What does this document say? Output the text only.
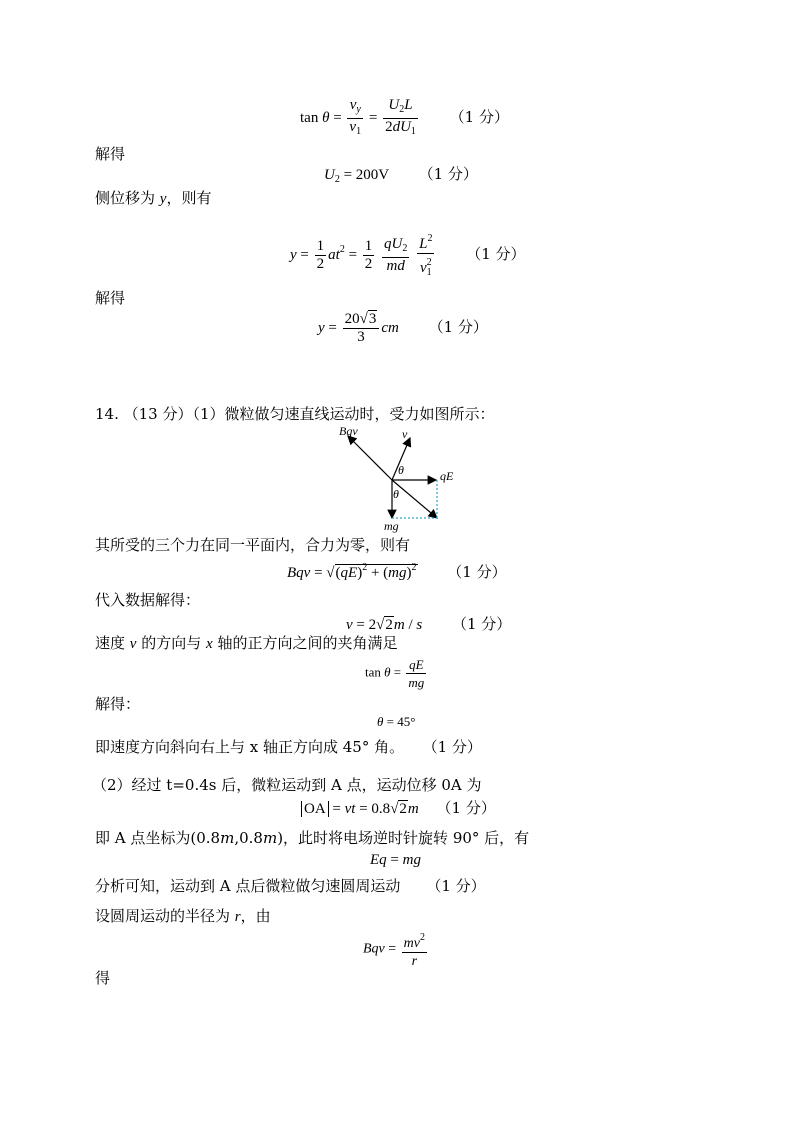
$\tan \theta = \frac{v_y}{v_1} = \frac{U_2L}{2dU_1} (1$ 分）
解得
$U_2 = 200V$ （1 分）
侧位移为 y，则有
$y = \frac{1}{2} at^2 = \frac{1}{2}$
$\frac{qU_2}{md}$
$\frac{L^2}{v_1^2} (1$ 分）
解得
$y = \frac{20√3}{3}$ cm （1 分）
14. （13 分）（1）微粒做匀速直线运动时，受力如图所示：
Bqv	v
θ	qE
θ
mg
其所受的三个力在同一平面内，合力为零，则有
Bqv = √(qE)$^2$ + (mg)$^2$ （1 分）
代入数据解得：
v = 2√2m / s （1 分）
速度 v 的方向与 x 轴的正方向之间的夹角满足
$\tan \theta = \frac{qE}{mg}$
解得：
θ = 45°
即速度方向斜向右上与 x 轴正方向成 45° 角。 （1 分）
（2）经过 t=0.4s 后，微粒运动到 A 点，运动位移 0A 为
OA = vt = 0.8√2m （1 分）
即 A 点坐标为(0.8m,0.8m)，此时将电场逆时针旋转 90° 后，有
Eq = mg
分析可知，运动到 A 点后微粒做匀速圆周运动 （1 分）
设圆周运动的半径为 r，由
Bqv = $\frac{mv^2}{r}$
得
